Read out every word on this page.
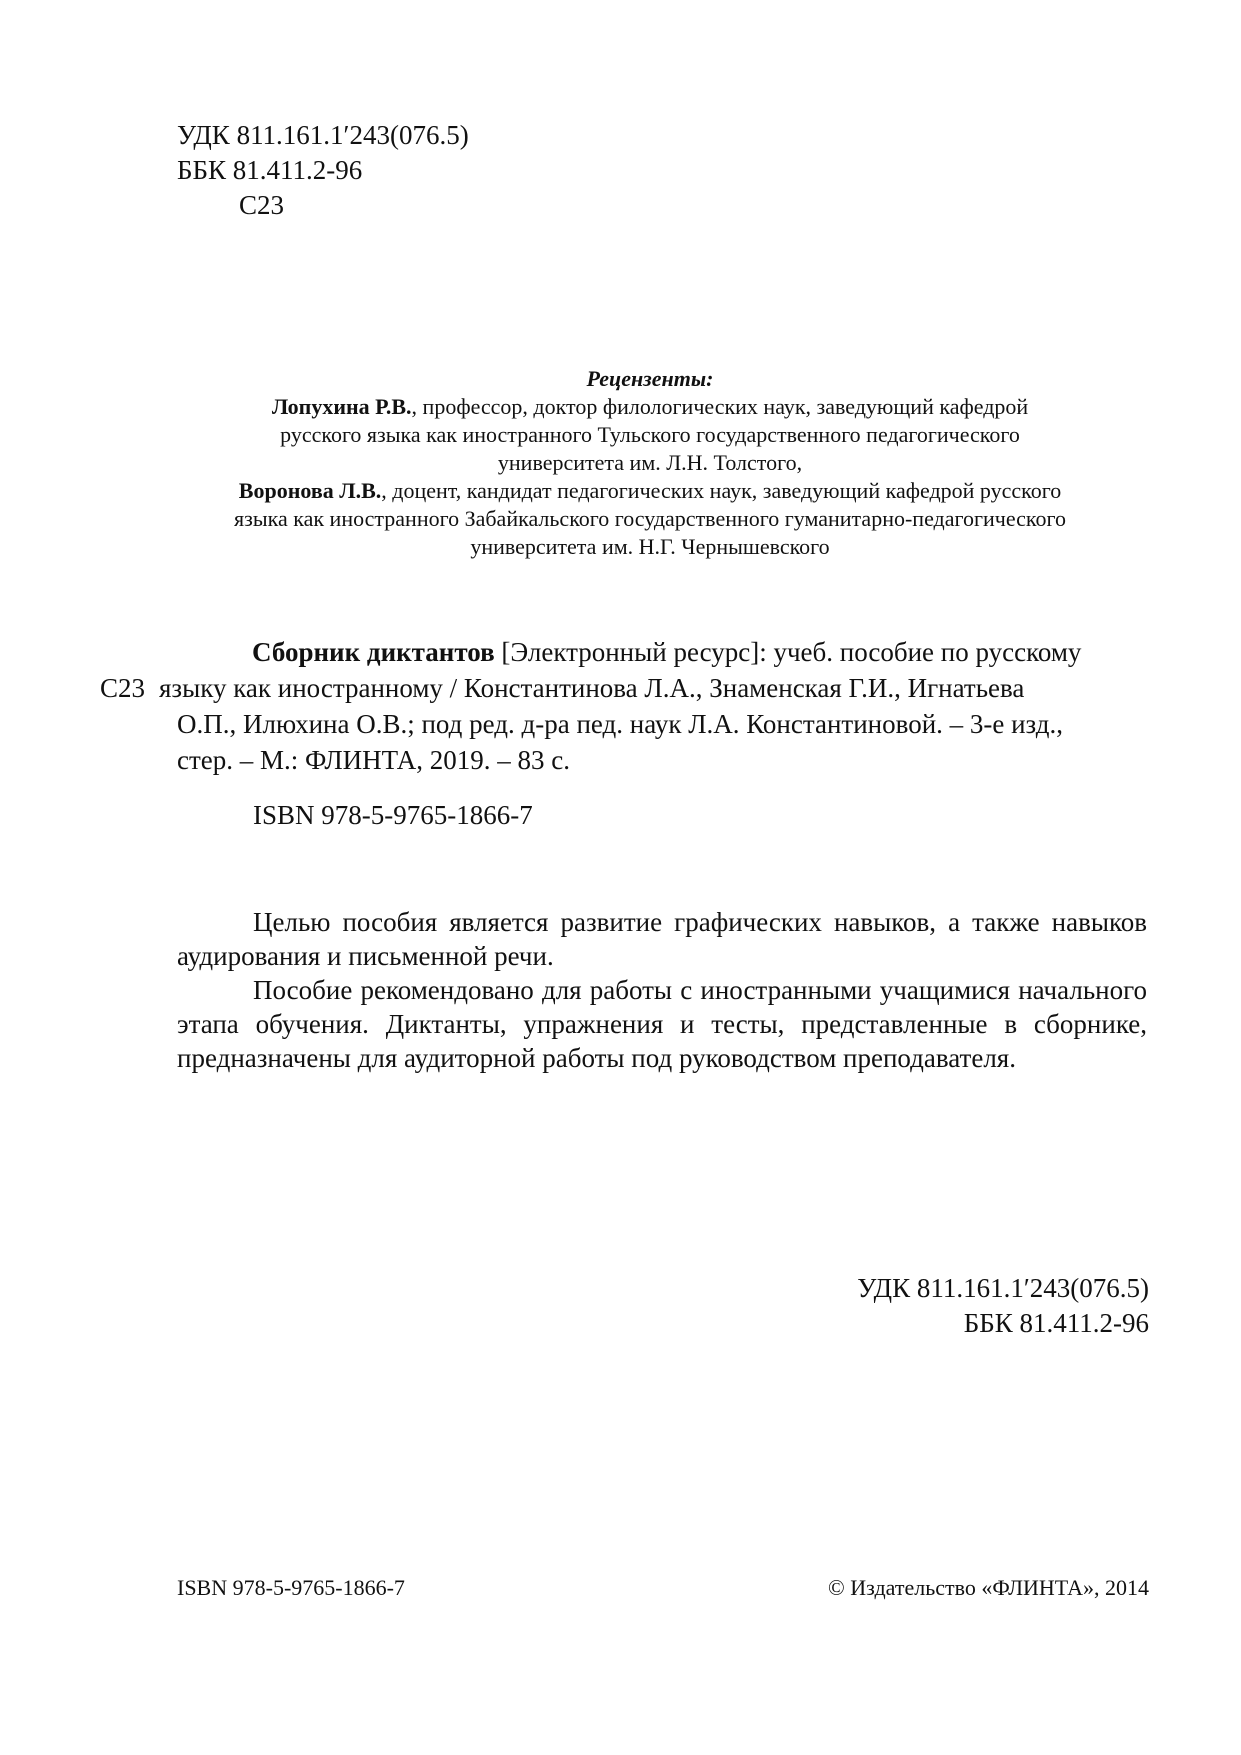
УДК 811.161.1′243(076.5)
ББК 81.411.2-96
С23
Рецензенты:
Лопухина Р.В., профессор, доктор филологических наук, заведующий кафедрой
русского языка как иностранного Тульского государственного педагогического
университета им. Л.Н. Толстого,
Воронова Л.В., доцент, кандидат педагогических наук, заведующий кафедрой русского
языка как иностранного Забайкальского государственного гуманитарно-педагогического
университета им. Н.Г. Чернышевского
Сборник диктантов [Электронный ресурс]: учеб. пособие по русскому
С23 языку как иностранному / Константинова Л.А., Знаменская Г.И., Игнатьева
О.П., Илюхина О.В.; под ред. д-ра пед. наук Л.А. Константиновой. – 3-е изд.,
стер. – М.: ФЛИНТА, 2019. – 83 с.
ISBN 978-5-9765-1866-7

Целью пособия является развитие графических навыков, а также навыков аудирования и письменной речи.

Пособие рекомендовано для работы с иностранными учащимися начального этапа обучения. Диктанты, упражнения и тесты, представленные в сборнике, предназначены для аудиторной работы под руководством преподавателя.

УДК 811.161.1′243(076.5)
ББК 81.411.2-96
ISBN 978-5-9765-1866-7	© Издательство «ФЛИНТА», 2014
